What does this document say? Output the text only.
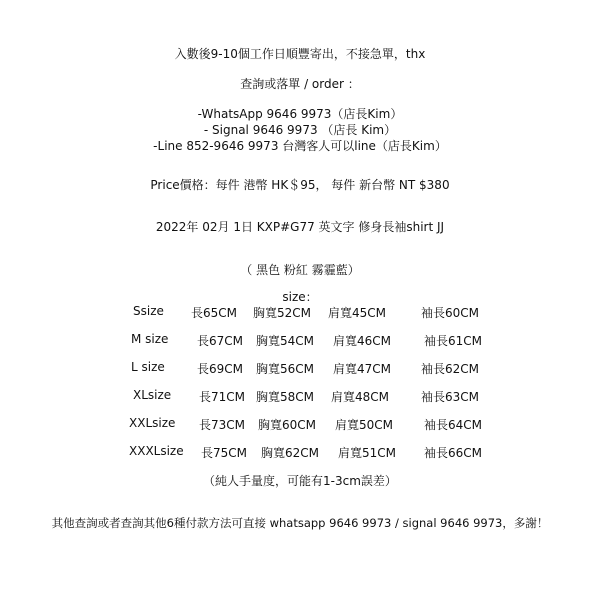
入數後9-10個工作日順豐寄出，不接急單，thx
查詢或落單 / order ：
-WhatsApp 9646 9973（店長Kim）
- Signal 9646 9973 （店長 Kim）
-Line 852-9646 9973 台灣客人可以line（店長Kim）
Price價格：每件 港幣 HK＄95， 每件 新台幣 NT $380
2022年 02月 1日 KXP#G77 英文字 修身長袖shirt JJ
（ 黑色 粉紅 霧霾藍）
size：
Ssize 長65CM 胸寬52CM 肩寬45CM	袖長60CM
M size 長67CM 胸寬54CM 肩寬46CM	袖長61CM
L size	長69CM 胸寬56CM 肩寬47CM 袖長62CM
XLsize 長71CM 胸寬58CM 肩寬48CM	袖長63CM
XXLsize 長73CM 胸寬60CM 肩寬50CM	袖長64CM
XXXLsize 長75CM 胸寬62CM 肩寬51CM 袖長66CM
（純人手量度，可能有1-3cm誤差）
其他查詢或者查詢其他6種付款方法可直接 whatsapp 9646 9973 / signal 9646 9973，多謝！
